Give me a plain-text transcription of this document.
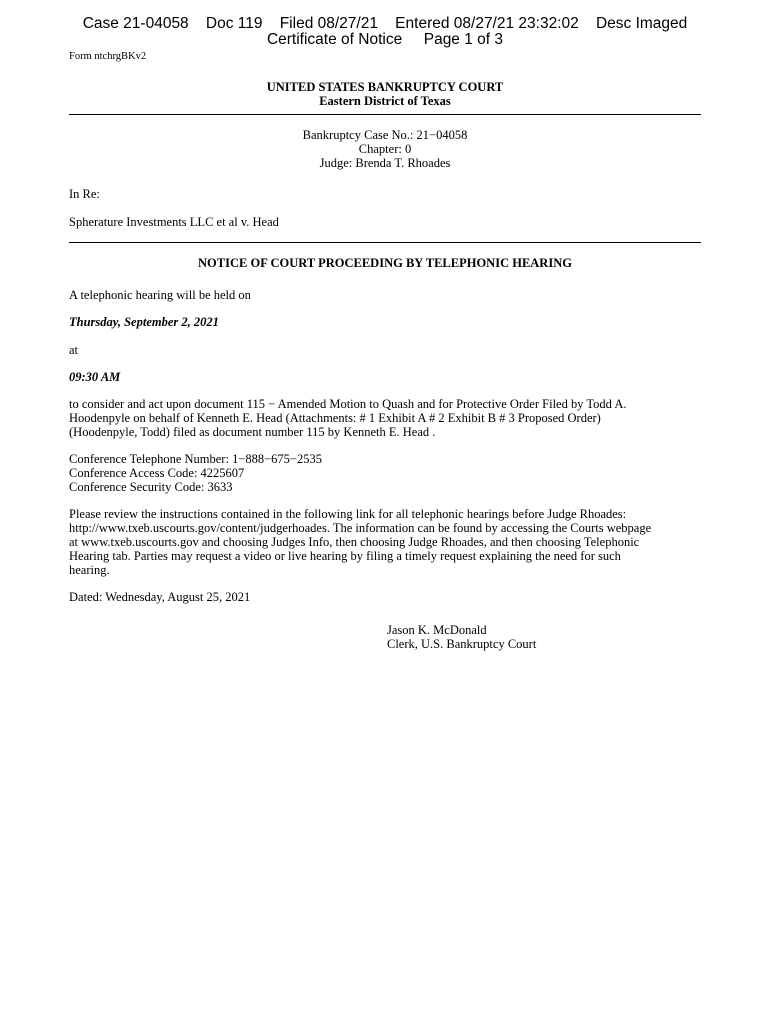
Case 21-04058    Doc 119    Filed 08/27/21    Entered 08/27/21 23:32:02    Desc Imaged
Certificate of Notice     Page 1 of 3
Form ntchrgBKv2
UNITED STATES BANKRUPTCY COURT
Eastern District of Texas
Bankruptcy Case No.: 21−04058
Chapter: 0
Judge: Brenda T. Rhoades
In Re:
Spherature Investments LLC et al v. Head
NOTICE OF COURT PROCEEDING BY TELEPHONIC HEARING
A telephonic hearing will be held on
Thursday, September 2, 2021
at
09:30 AM
to consider and act upon document 115 − Amended Motion to Quash and for Protective Order Filed by Todd A.
Hoodenpyle on behalf of Kenneth E. Head (Attachments: # 1 Exhibit A # 2 Exhibit B # 3 Proposed Order)
(Hoodenpyle, Todd) filed as document number 115 by Kenneth E. Head .
Conference Telephone Number: 1−888−675−2535
Conference Access Code: 4225607
Conference Security Code: 3633
Please review the instructions contained in the following link for all telephonic hearings before Judge Rhoades:
http://www.txeb.uscourts.gov/content/judgerhoades. The information can be found by accessing the Courts webpage
at www.txeb.uscourts.gov and choosing Judges Info, then choosing Judge Rhoades, and then choosing Telephonic
Hearing tab. Parties may request a video or live hearing by filing a timely request explaining the need for such
hearing.
Dated: Wednesday, August 25, 2021
Jason K. McDonald
Clerk, U.S. Bankruptcy Court
